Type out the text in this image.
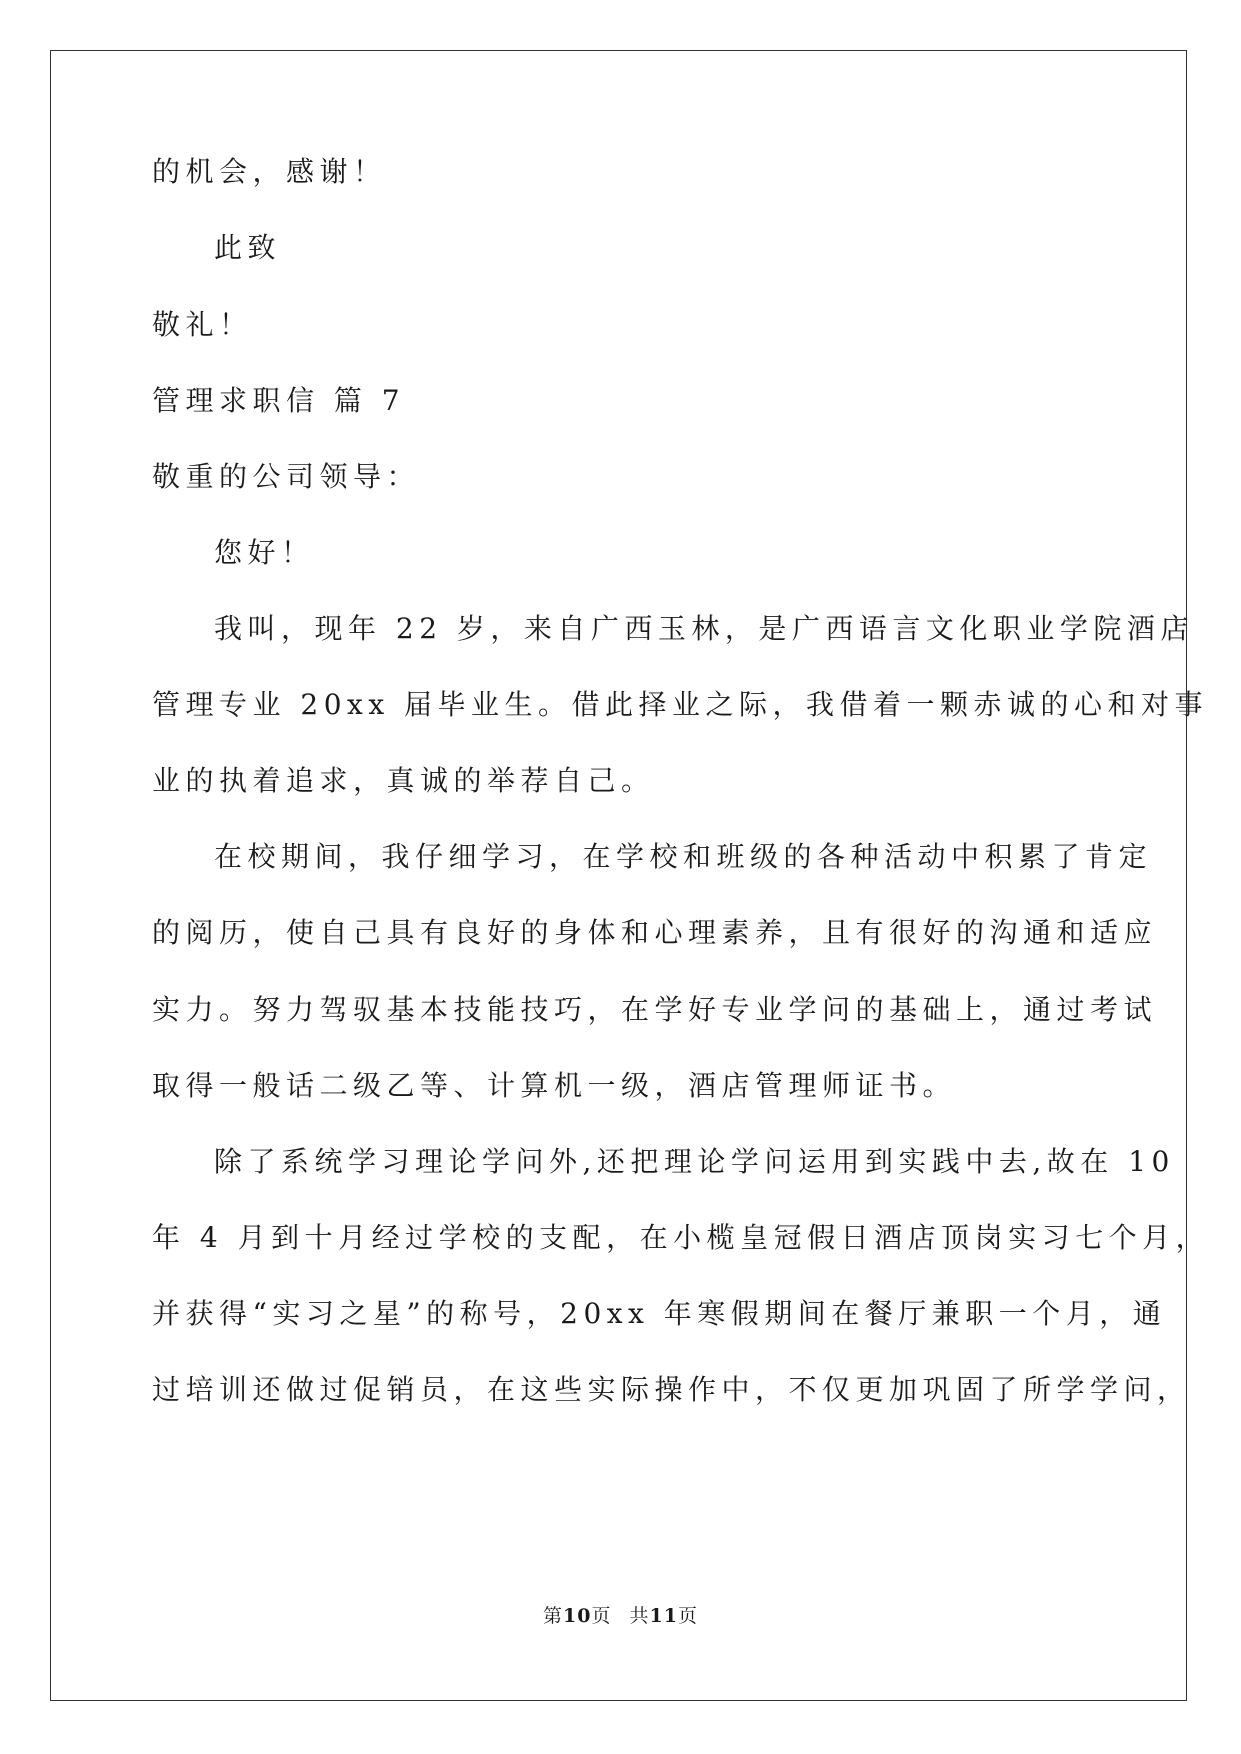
的机会，感谢！
此致
敬礼！
管理求职信 篇 7
敬重的公司领导：
您好！
我叫，现年 22 岁，来自广西玉林，是广西语言文化职业学院酒店
管理专业 20xx 届毕业生。借此择业之际，我借着一颗赤诚的心和对事
业的执着追求，真诚的举荐自己。
在校期间，我仔细学习，在学校和班级的各种活动中积累了肯定
的阅历，使自己具有良好的身体和心理素养，且有很好的沟通和适应
实力。努力驾驭基本技能技巧，在学好专业学问的基础上，通过考试
取得一般话二级乙等、计算机一级，酒店管理师证书。
除了系统学习理论学问外,还把理论学问运用到实践中去,故在 10
年 4 月到十月经过学校的支配，在小榄皇冠假日酒店顶岗实习七个月，
并获得“实习之星”的称号，20xx 年寒假期间在餐厅兼职一个月，通
过培训还做过促销员，在这些实际操作中，不仅更加巩固了所学学问，
第10页 共11页
